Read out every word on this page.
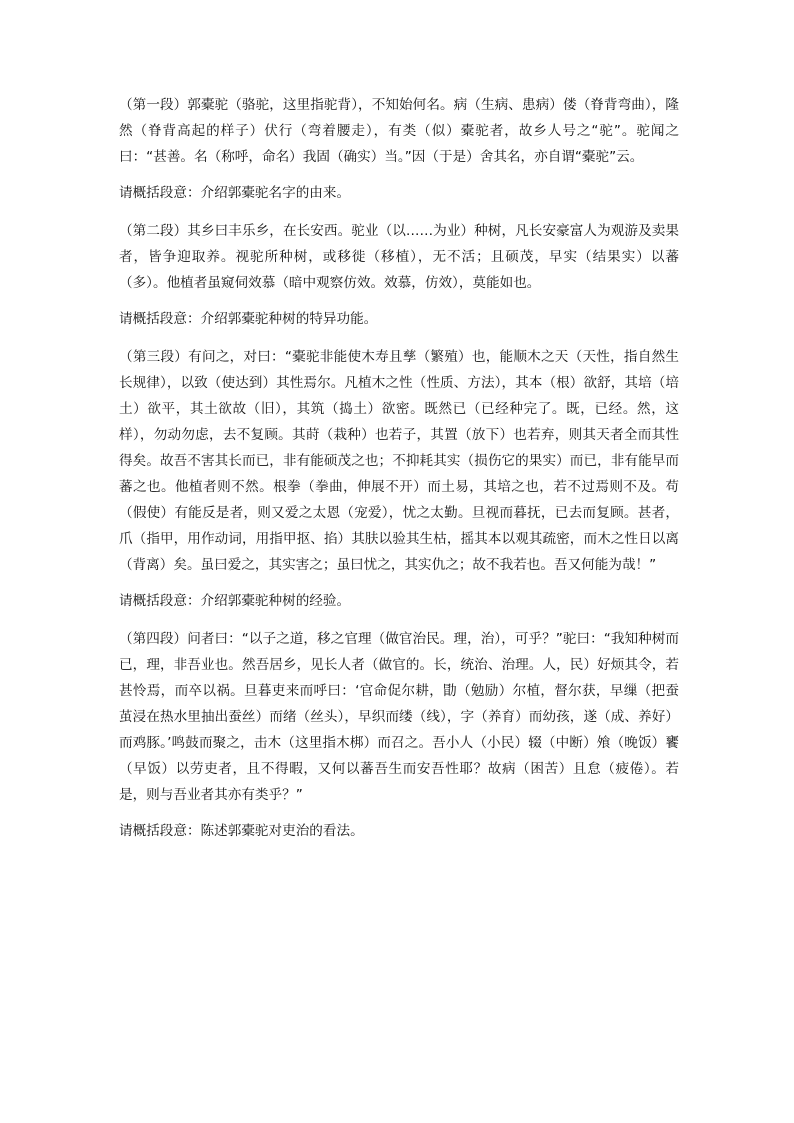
（第一段）郭橐驼（骆驼，这里指驼背），不知始何名。病（生病、患病）偻（脊背弯曲），隆然（脊背高起的样子）伏行（弯着腰走），有类（似）橐驼者，故乡人号之“驼”。驼闻之曰：“甚善。名（称呼，命名）我固（确实）当。”因（于是）舍其名，亦自谓“橐驼”云。

请概括段意：介绍郭橐驼名字的由来。

（第二段）其乡曰丰乐乡，在长安西。驼业（以……为业）种树，凡长安豪富人为观游及卖果者，皆争迎取养。视驼所种树，或移徙（移植），无不活；且硕茂，早实（结果实）以蕃（多）。他植者虽窥伺效慕（暗中观察仿效。效慕，仿效），莫能如也。

请概括段意：介绍郭橐驼种树的特异功能。

（第三段）有问之，对曰：“橐驼非能使木寿且孳（繁殖）也，能顺木之天（天性，指自然生长规律），以致（使达到）其性焉尔。凡植木之性（性质、方法），其本（根）欲舒，其培（培土）欲平，其土欲故（旧），其筑（捣土）欲密。既然已（已经种完了。既，已经。然，这样），勿动勿虑，去不复顾。其莳（栽种）也若子，其置（放下）也若弃，则其天者全而其性得矣。故吾不害其长而已，非有能硕茂之也；不抑耗其实（损伤它的果实）而已，非有能早而蕃之也。他植者则不然。根拳（拳曲，伸展不开）而土易，其培之也，若不过焉则不及。苟（假使）有能反是者，则又爱之太恩（宠爱），忧之太勤。旦视而暮抚，已去而复顾。甚者，爪（指甲，用作动词，用指甲抠、掐）其肤以验其生枯，摇其本以观其疏密，而木之性日以离（背离）矣。虽曰爱之，其实害之；虽曰忧之，其实仇之；故不我若也。吾又何能为哉！”

请概括段意：介绍郭橐驼种树的经验。

（第四段）问者曰：“以子之道，移之官理（做官治民。理，治），可乎？”驼曰：“我知种树而已，理，非吾业也。然吾居乡，见长人者（做官的。长，统治、治理。人，民）好烦其令，若甚怜焉，而卒以祸。旦暮吏来而呼曰：‘官命促尔耕，勖（勉励）尔植，督尔获，早缫（把蚕茧浸在热水里抽出蚕丝）而绪（丝头），早织而缕（线），字（养育）而幼孩，遂（成、养好）而鸡豚。’鸣鼓而聚之，击木（这里指木梆）而召之。吾小人（小民）辍（中断）飧（晚饭）饔（早饭）以劳吏者，且不得暇，又何以蕃吾生而安吾性耶？故病（困苦）且怠（疲倦）。若是，则与吾业者其亦有类乎？”

请概括段意：陈述郭橐驼对吏治的看法。
